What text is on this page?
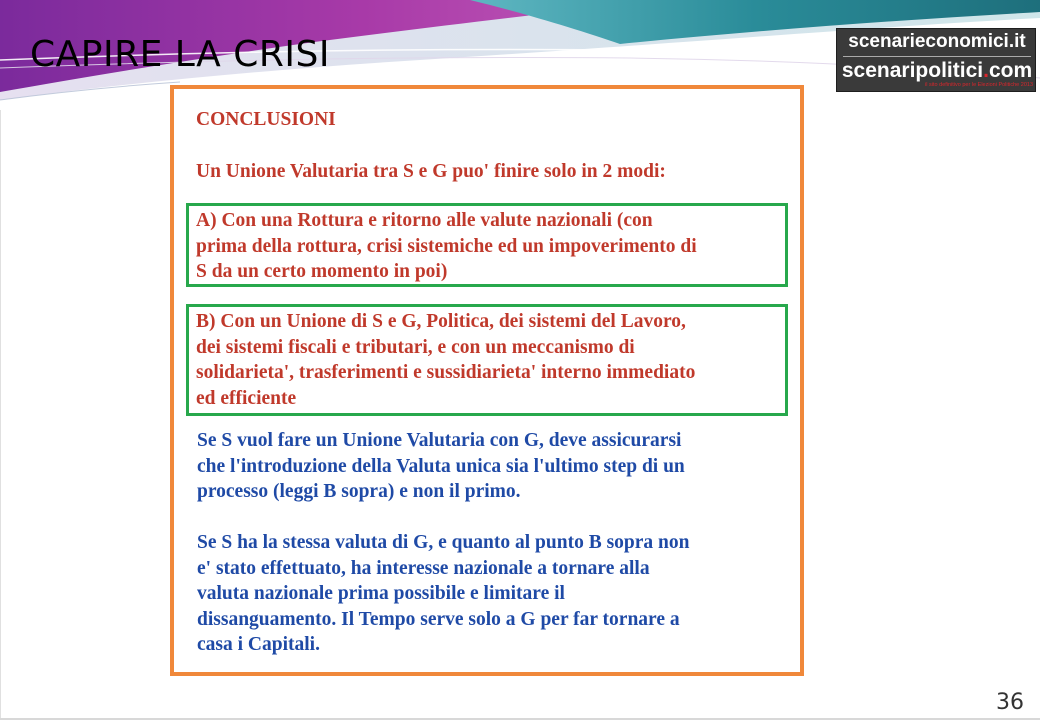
CAPIRE LA CRISI	scenarieconomici.it
scenaripolitici.com
il sito definitivo per le Elezioni Politiche 2013
CONCLUSIONI
Un Unione Valutaria tra S e G puo' finire solo in 2 modi:
A) Con una Rottura e ritorno alle valute nazionali (con
prima della rottura, crisi sistemiche ed un impoverimento di
S da un certo momento in poi)
B) Con un Unione di S e G, Politica, dei sistemi del Lavoro,
dei sistemi fiscali e tributari, e con un meccanismo di
solidarieta', trasferimenti e sussidiarieta' interno immediato
ed efficiente
Se S vuol fare un Unione Valutaria con G, deve assicurarsi
che l'introduzione della Valuta unica sia l'ultimo step di un
processo (leggi B sopra) e non il primo.
Se S ha la stessa valuta di G, e quanto al punto B sopra non
e' stato effettuato, ha interesse nazionale a tornare alla
valuta nazionale prima possibile e limitare il
dissanguamento. Il Tempo serve solo a G per far tornare a
casa i Capitali.
36
